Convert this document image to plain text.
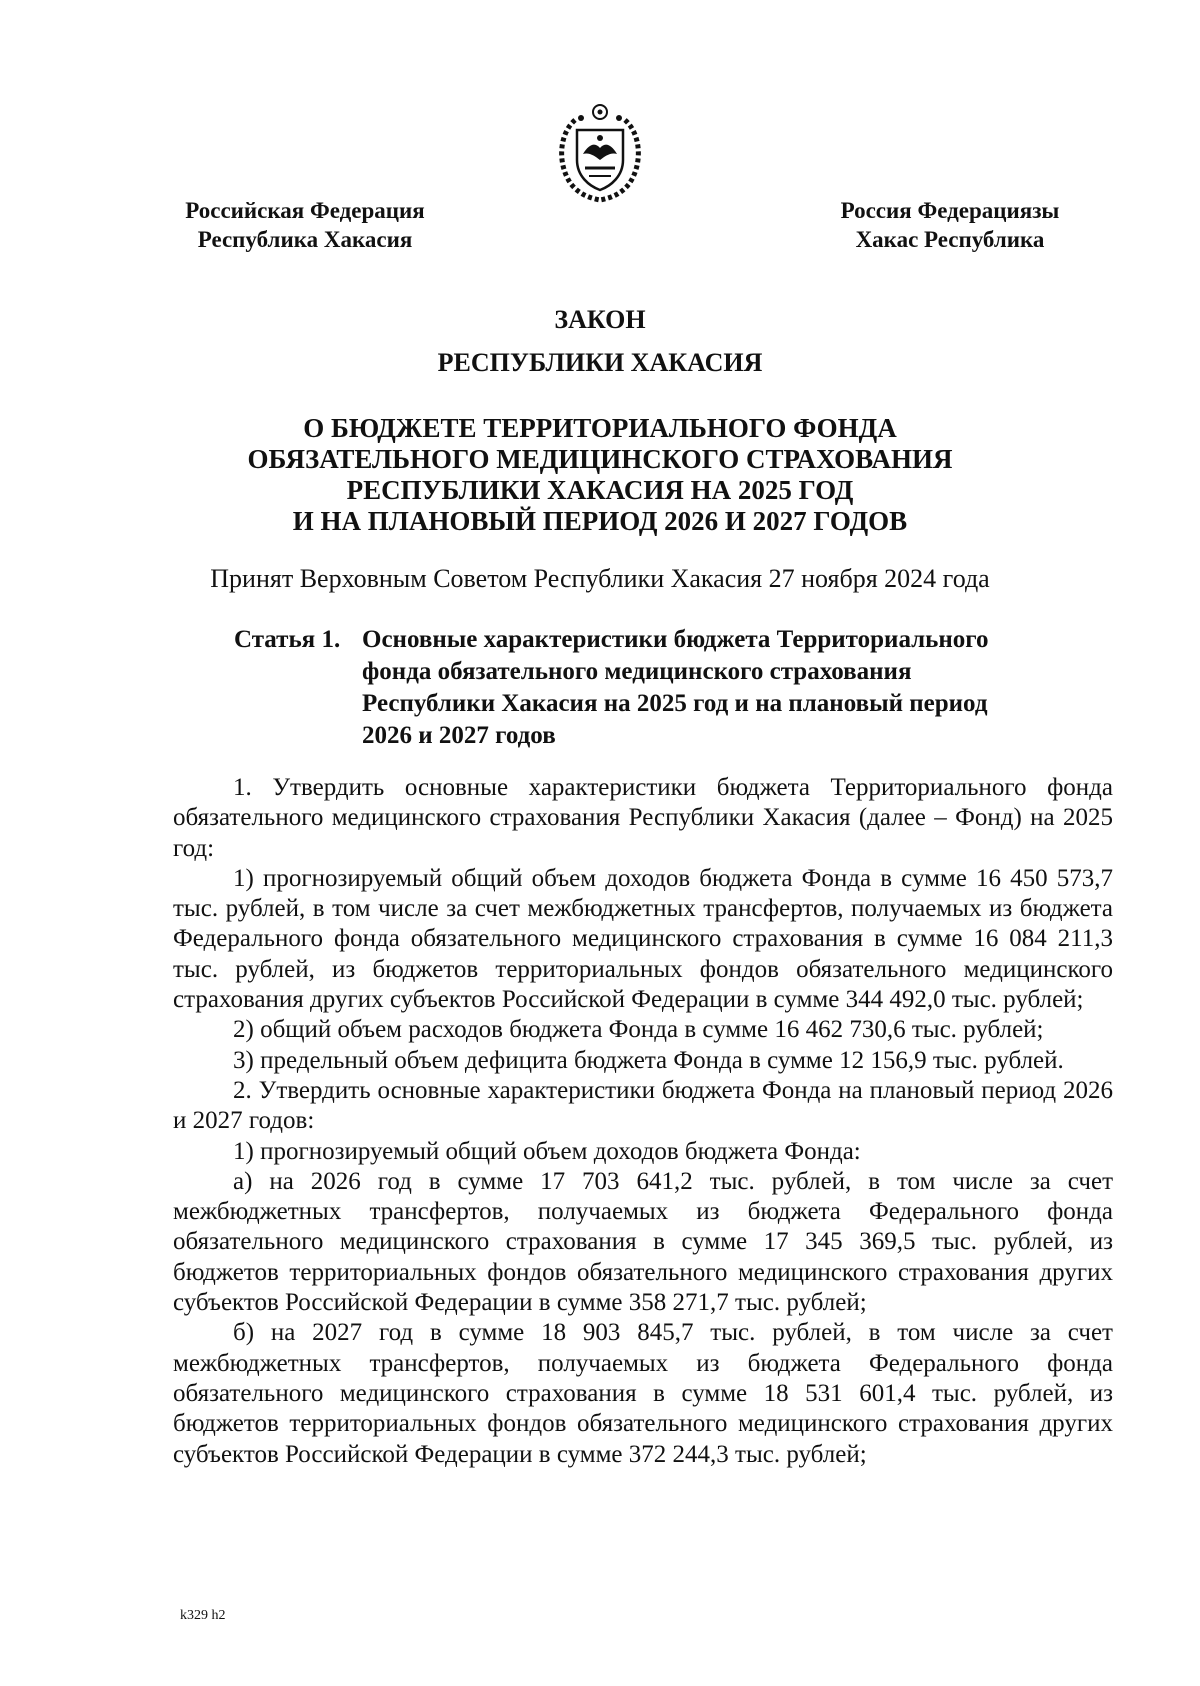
Российская Федерация
Республика Хакасия
Россия Федерациязы
Хакас Республика
ЗАКОН
РЕСПУБЛИКИ ХАКАСИЯ
О БЮДЖЕТЕ ТЕРРИТОРИАЛЬНОГО ФОНДА
ОБЯЗАТЕЛЬНОГО МЕДИЦИНСКОГО СТРАХОВАНИЯ
РЕСПУБЛИКИ ХАКАСИЯ НА 2025 ГОД
И НА ПЛАНОВЫЙ ПЕРИОД 2026 И 2027 ГОДОВ
Принят Верховным Советом Республики Хакасия 27 ноября 2024 года
Статья 1. Основные характеристики бюджета Территориального
фонда обязательного медицинского страхования
Республики Хакасия на 2025 год и на плановый период
2026 и 2027 годов

1. Утвердить основные характеристики бюджета Территориального фонда обязательного медицинского страхования Республики Хакасия (далее – Фонд) на 2025 год:

1) прогнозируемый общий объем доходов бюджета Фонда в сумме 16 450 573,7 тыс. рублей, в том числе за счет межбюджетных трансфертов, получаемых из бюджета Федерального фонда обязательного медицинского страхования в сумме 16 084 211,3 тыс. рублей, из бюджетов территориальных фондов обязательного медицинского страхования других субъектов Российской Федерации в сумме 344 492,0 тыс. рублей;

2) общий объем расходов бюджета Фонда в сумме 16 462 730,6 тыс. рублей;

3) предельный объем дефицита бюджета Фонда в сумме 12 156,9 тыс. рублей.

2. Утвердить основные характеристики бюджета Фонда на плановый период 2026 и 2027 годов:

1) прогнозируемый общий объем доходов бюджета Фонда:

а) на 2026 год в сумме 17 703 641,2 тыс. рублей, в том числе за счет межбюджетных трансфертов, получаемых из бюджета Федерального фонда обязательного медицинского страхования в сумме 17 345 369,5 тыс. рублей, из бюджетов территориальных фондов обязательного медицинского страхования других субъектов Российской Федерации в сумме 358 271,7 тыс. рублей;

б) на 2027 год в сумме 18 903 845,7 тыс. рублей, в том числе за счет межбюджетных трансфертов, получаемых из бюджета Федерального фонда обязательного медицинского страхования в сумме 18 531 601,4 тыс. рублей, из бюджетов территориальных фондов обязательного медицинского страхования других субъектов Российской Федерации в сумме 372 244,3 тыс. рублей;

k329 h2
